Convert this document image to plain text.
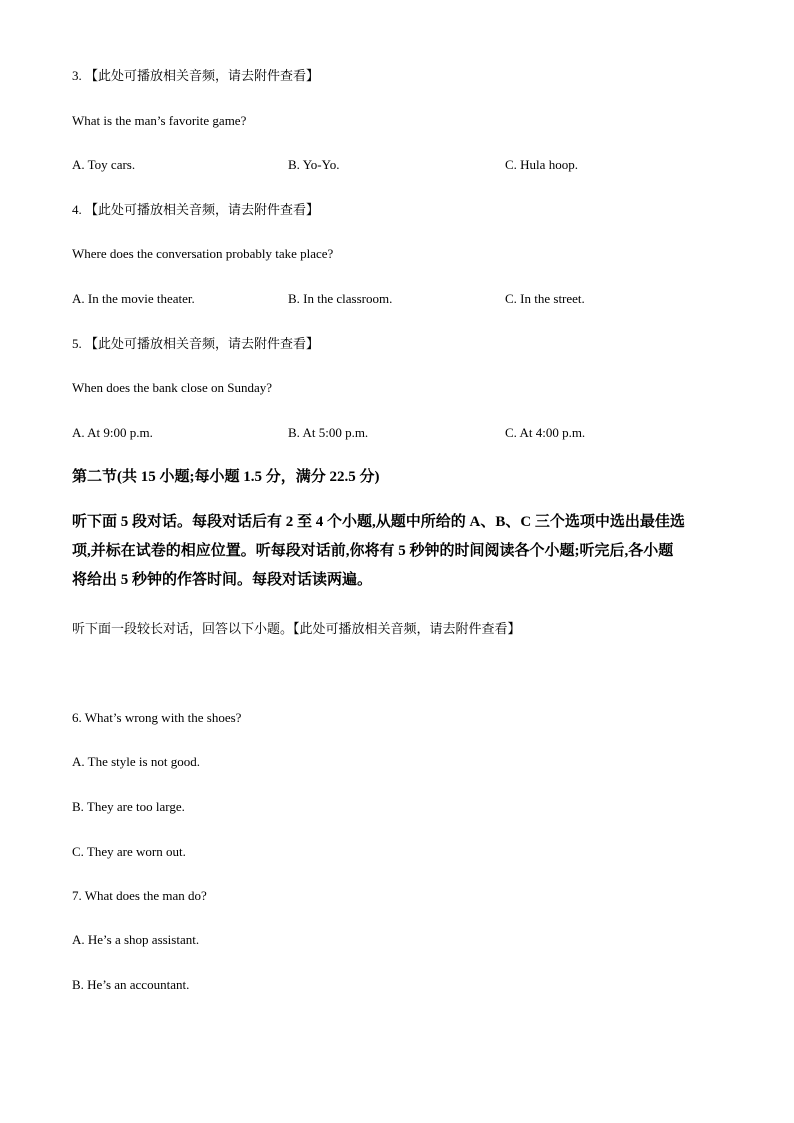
3. 【此处可播放相关音频，请去附件查看】
What is the man’s favorite game?
A. Toy cars.	B. Yo-Yo.	C. Hula hoop.
4. 【此处可播放相关音频，请去附件查看】
Where does the conversation probably take place?
A. In the movie theater.	B. In the classroom.	C. In the street.
5. 【此处可播放相关音频，请去附件查看】
When does the bank close on Sunday?
A. At 9:00 p.m.	B. At 5:00 p.m.	C. At 4:00 p.m.
第二节(共 15 小题;每小题 1.5 分，满分 22.5 分)
听下面 5 段对话。每段对话后有 2 至 4 个小题,从题中所给的 A、B、C 三个选项中选出最佳选
项,并标在试卷的相应位置。听每段对话前,你将有 5 秒钟的时间阅读各个小题;听完后,各小题
将给出 5 秒钟的作答时间。每段对话读两遍。
听下面一段较长对话，回答以下小题。【此处可播放相关音频，请去附件查看】
6. What’s wrong with the shoes?
A. The style is not good.
B. They are too large.
C. They are worn out.
7. What does the man do?
A. He’s a shop assistant.
B. He’s an accountant.
